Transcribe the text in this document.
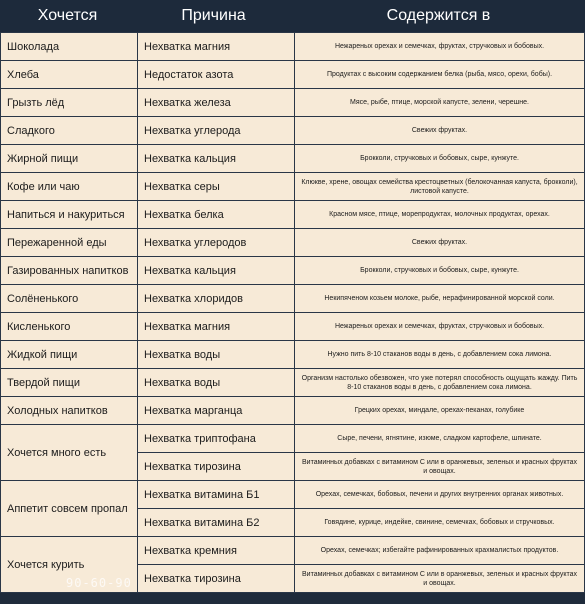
Хочется	Причина	Содержится в
Шоколада	Нехватка магния	Нежареных орехах и семечках, фруктах, стручковых и бобовых.
Хлеба	Недостаток азота	Продуктах с высоким содержанием белка (рыба, мясо, орехи, бобы).
Грызть лёд	Нехватка железа	Мясе, рыбе, птице, морской капусте, зелени, черешне.
Сладкого	Нехватка углерода	Свежих фруктах.
Жирной пищи	Нехватка кальция	Брокколи, стручковых и бобовых, сыре, кунжуте.
Кофе или чаю	Нехватка серы	Клюкве, хрене, овощах семейства крестоцветных (белокочанная капуста, брокколи), листовой капусте.
Напиться и накуриться	Нехватка белка	Красном мясе, птице, морепродуктах, молочных продуктах, орехах.
Пережаренной еды	Нехватка углеродов	Свежих фруктах.
Газированных напитков	Нехватка кальция	Брокколи, стручковых и бобовых, сыре, кунжуте.
Солёненького	Нехватка хлоридов	Некипяченом козьем молоке, рыбе, нерафинированной морской соли.
Кисленького	Нехватка магния	Нежареных орехах и семечках, фруктах, стручковых и бобовых.
Жидкой пищи	Нехватка воды	Нужно пить 8-10 стаканов воды в день, с добавлением сока лимона.
Твердой пищи	Нехватка воды	Организм настолько обезвожен, что уже потерял способность ощущать жажду. Пить 8-10 стаканов воды в день, с добавлением сока лимона.
Холодных напитков	Нехватка марганца	Грецких орехах, миндале, орехах-пеканах, голубике
Хочется много есть	Нехватка триптофана	Сыре, печени, ягнятине, изюме, сладком картофеле, шпинате.
	Нехватка тирозина	Витаминных добавках с витамином С или в оранжевых, зеленых и красных фруктах и овощах.
Аппетит совсем пропал	Нехватка витамина Б1	Орехах, семечках, бобовых, печени и других внутренних органах животных.
	Нехватка витамина Б2	Говядине, курице, индейке, свинине, семечках, бобовых и стручковых.
Хочется курить	Нехватка кремния	Орехах, семечках; избегайте рафинированных крахмалистых продуктов.
	Нехватка тирозина	Витаминных добавках с витамином С или в оранжевых, зеленых и красных фруктах и овощах.
90-60-90
